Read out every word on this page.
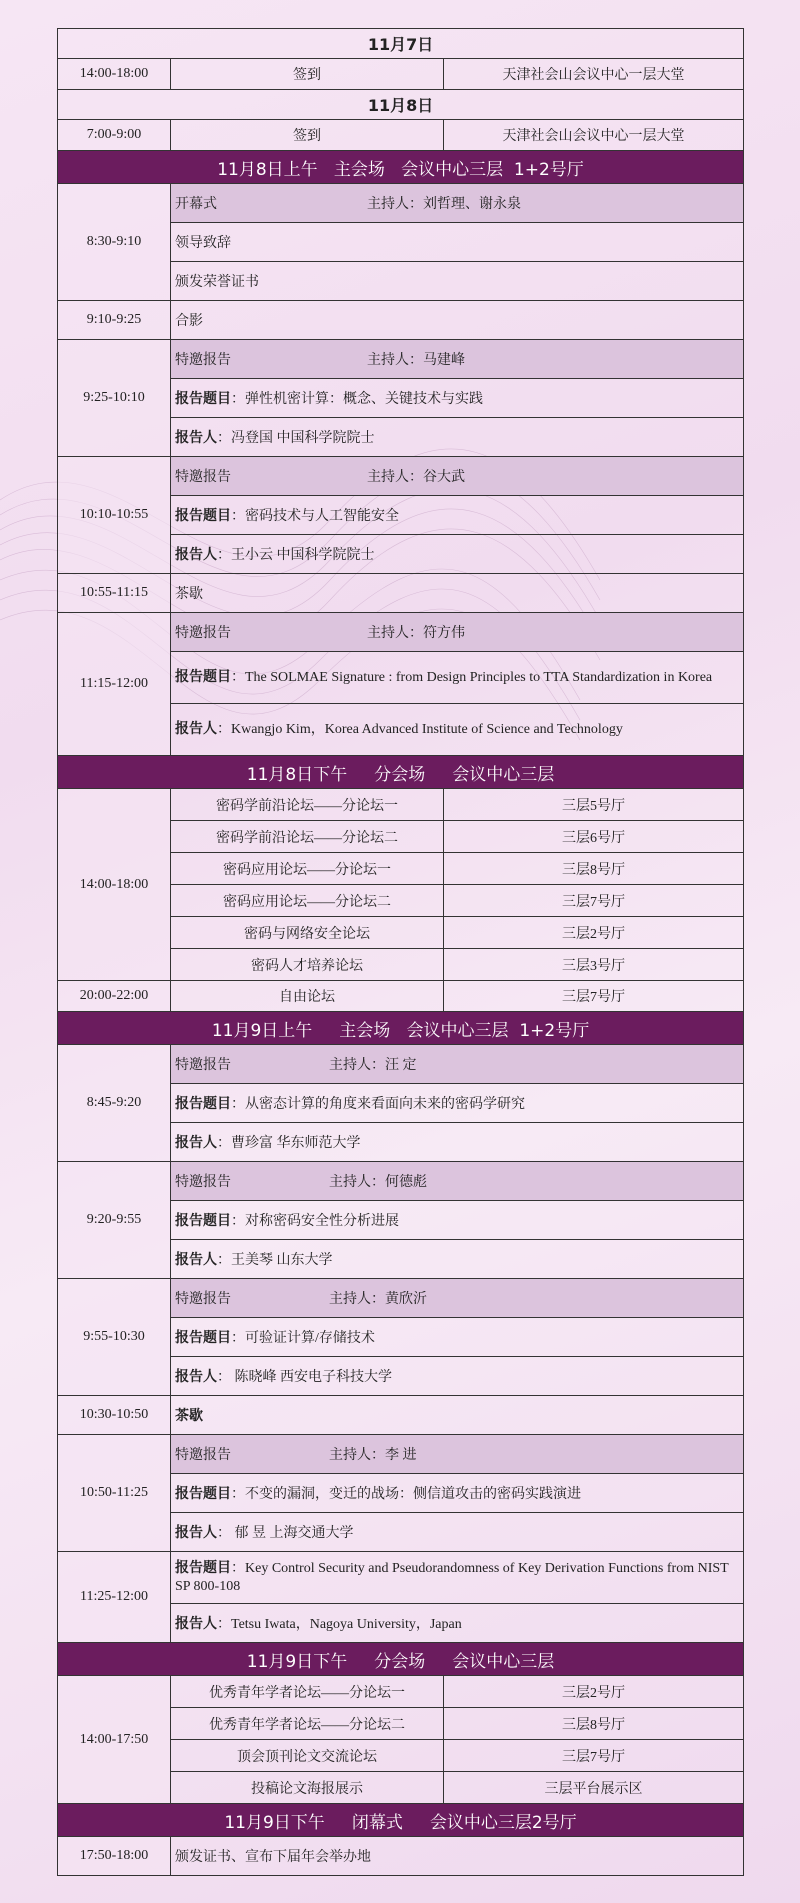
11月7日		
14:00-18:00	签到	天津社会山会议中心一层大堂
11月8日		
7:00-9:00	签到	天津社会山会议中心一层大堂
11月8日上午   主会场   会议中心三层  1+2号厅		
8:30-9:10	开幕式 主持人：刘哲理、谢永泉	
	领导致辞	
	颁发荣誉证书	
9:10-9:25	合影	
9:25-10:10	特邀报告 主持人：马建峰	
	报告题目：弹性机密计算：概念、关键技术与实践	
	报告人：冯登国 中国科学院院士	
10:10-10:55	特邀报告 主持人：谷大武	
	报告题目：密码技术与人工智能安全	
	报告人：王小云 中国科学院院士	
10:55-11:15	茶歇	
11:15-12:00	特邀报告 主持人：符方伟	
	报告题目：The SOLMAE Signature : from Design Principles to TTA Standardization in Korea	
	报告人：Kwangjo Kim，Korea Advanced Institute of Science and Technology	
11月8日下午     分会场     会议中心三层		
14:00-18:00	密码学前沿论坛——分论坛一	三层5号厅
	密码学前沿论坛——分论坛二	三层6号厅
	密码应用论坛——分论坛一	三层8号厅
	密码应用论坛——分论坛二	三层7号厅
	密码与网络安全论坛	三层2号厅
	密码人才培养论坛	三层3号厅
20:00-22:00	自由论坛	三层7号厅
11月9日上午     主会场   会议中心三层  1+2号厅		
8:45-9:20	特邀报告 主持人：汪 定	
	报告题目：从密态计算的角度来看面向未来的密码学研究	
	报告人：曹珍富 华东师范大学	
9:20-9:55	特邀报告 主持人：何德彪	
	报告题目：对称密码安全性分析进展	
	报告人：王美琴 山东大学	
9:55-10:30	特邀报告 主持人：黄欣沂	
	报告题目：可验证计算/存储技术	
	报告人： 陈晓峰 西安电子科技大学	
10:30-10:50	茶歇	
10:50-11:25	特邀报告 主持人：李 进	
	报告题目：不变的漏洞，变迁的战场：侧信道攻击的密码实践演进	
	报告人： 郁 昱 上海交通大学	
11:25-12:00	报告题目：Key Control Security and Pseudorandomness of Key Derivation Functions from NIST SP 800-108	
	报告人：Tetsu Iwata，Nagoya University，Japan	
11月9日下午     分会场     会议中心三层		
14:00-17:50	优秀青年学者论坛——分论坛一	三层2号厅
	优秀青年学者论坛——分论坛二	三层8号厅
	顶会顶刊论文交流论坛	三层7号厅
	投稿论文海报展示	三层平台展示区
11月9日下午     闭幕式     会议中心三层2号厅		
17:50-18:00	颁发证书、宣布下届年会举办地	
